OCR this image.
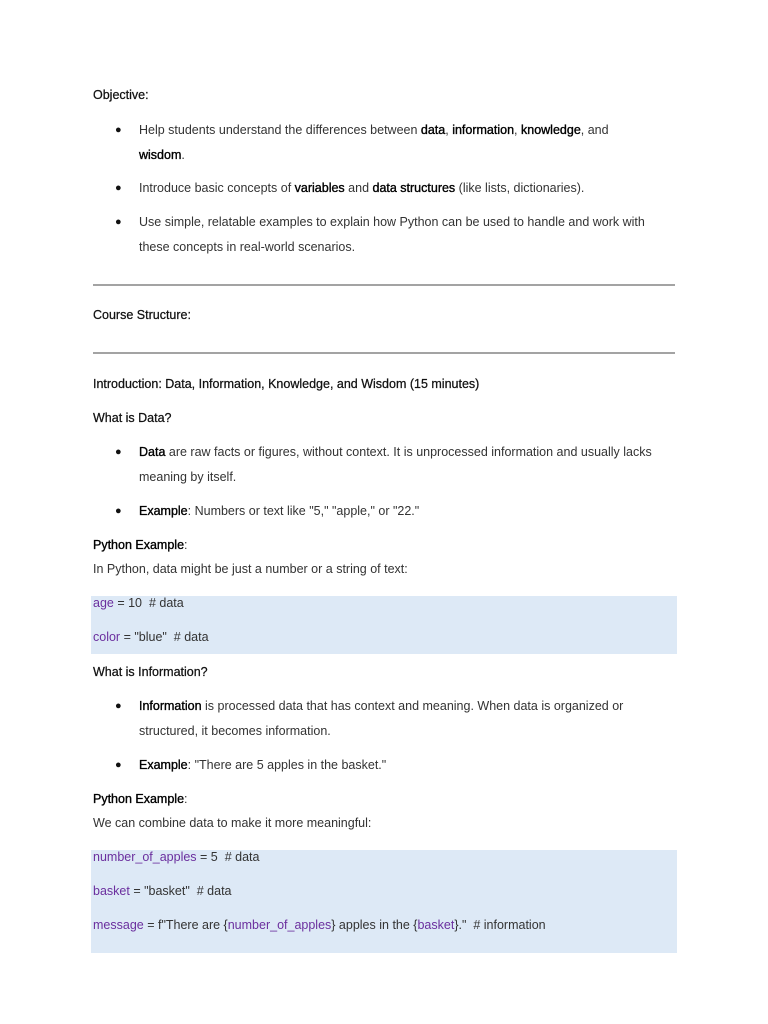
Objective:
● Help students understand the differences between data, information, knowledge, and
wisdom.
● Introduce basic concepts of variables and data structures (like lists, dictionaries).
● Use simple, relatable examples to explain how Python can be used to handle and work with
these concepts in real-world scenarios.
Course Structure:
Introduction: Data, Information, Knowledge, and Wisdom (15 minutes)
What is Data?
● Data are raw facts or figures, without context. It is unprocessed information and usually lacks
meaning by itself.
● Example: Numbers or text like "5," "apple," or "22."
Python Example:
In Python, data might be just a number or a string of text:
age = 10  # data
color = "blue"  # data
What is Information?
● Information is processed data that has context and meaning. When data is organized or
structured, it becomes information.
● Example: "There are 5 apples in the basket."
Python Example:
We can combine data to make it more meaningful:
number_of_apples = 5  # data
basket = "basket"  # data
message = f"There are {number_of_apples} apples in the {basket}."  # information
